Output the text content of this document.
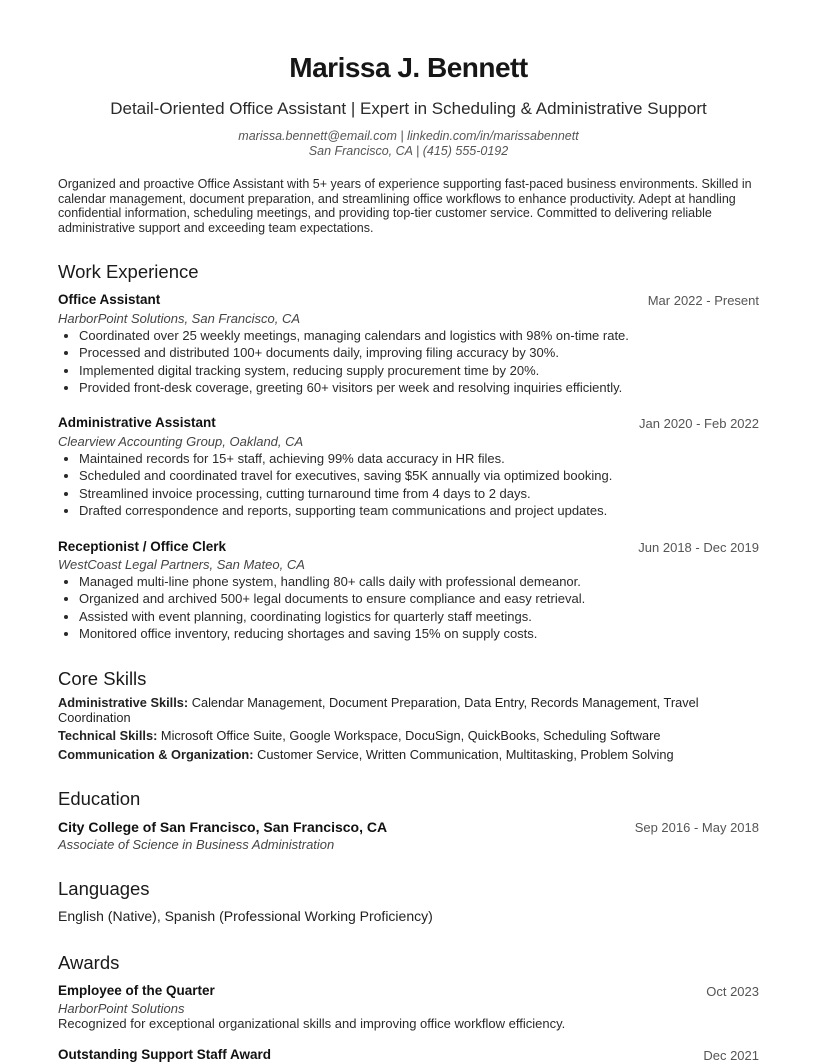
Marissa J. Bennett
Detail-Oriented Office Assistant | Expert in Scheduling & Administrative Support
marissa.bennett@email.com | linkedin.com/in/marissabennett
San Francisco, CA | (415) 555-0192
Organized and proactive Office Assistant with 5+ years of experience supporting fast-paced business environments. Skilled in calendar management, document preparation, and streamlining office workflows to enhance productivity. Adept at handling confidential information, scheduling meetings, and providing top-tier customer service. Committed to delivering reliable administrative support and exceeding team expectations.
Work Experience
Office Assistant	Mar 2022 - Present
HarborPoint Solutions, San Francisco, CA
• Coordinated over 25 weekly meetings, managing calendars and logistics with 98% on-time rate.
• Processed and distributed 100+ documents daily, improving filing accuracy by 30%.
• Implemented digital tracking system, reducing supply procurement time by 20%.
• Provided front-desk coverage, greeting 60+ visitors per week and resolving inquiries efficiently.
Administrative Assistant	Jan 2020 - Feb 2022
Clearview Accounting Group, Oakland, CA
• Maintained records for 15+ staff, achieving 99% data accuracy in HR files.
• Scheduled and coordinated travel for executives, saving $5K annually via optimized booking.
• Streamlined invoice processing, cutting turnaround time from 4 days to 2 days.
• Drafted correspondence and reports, supporting team communications and project updates.
Receptionist / Office Clerk	Jun 2018 - Dec 2019
WestCoast Legal Partners, San Mateo, CA
• Managed multi-line phone system, handling 80+ calls daily with professional demeanor.
• Organized and archived 500+ legal documents to ensure compliance and easy retrieval.
• Assisted with event planning, coordinating logistics for quarterly staff meetings.
• Monitored office inventory, reducing shortages and saving 15% on supply costs.
Core Skills
Administrative Skills: Calendar Management, Document Preparation, Data Entry, Records Management, Travel Coordination
Technical Skills: Microsoft Office Suite, Google Workspace, DocuSign, QuickBooks, Scheduling Software
Communication & Organization: Customer Service, Written Communication, Multitasking, Problem Solving
Education
City College of San Francisco, San Francisco, CA	Sep 2016 - May 2018
Associate of Science in Business Administration
Languages
English (Native), Spanish (Professional Working Proficiency)
Awards
Employee of the Quarter	Oct 2023
HarborPoint Solutions
Recognized for exceptional organizational skills and improving office workflow efficiency.
Outstanding Support Staff Award	Dec 2021
